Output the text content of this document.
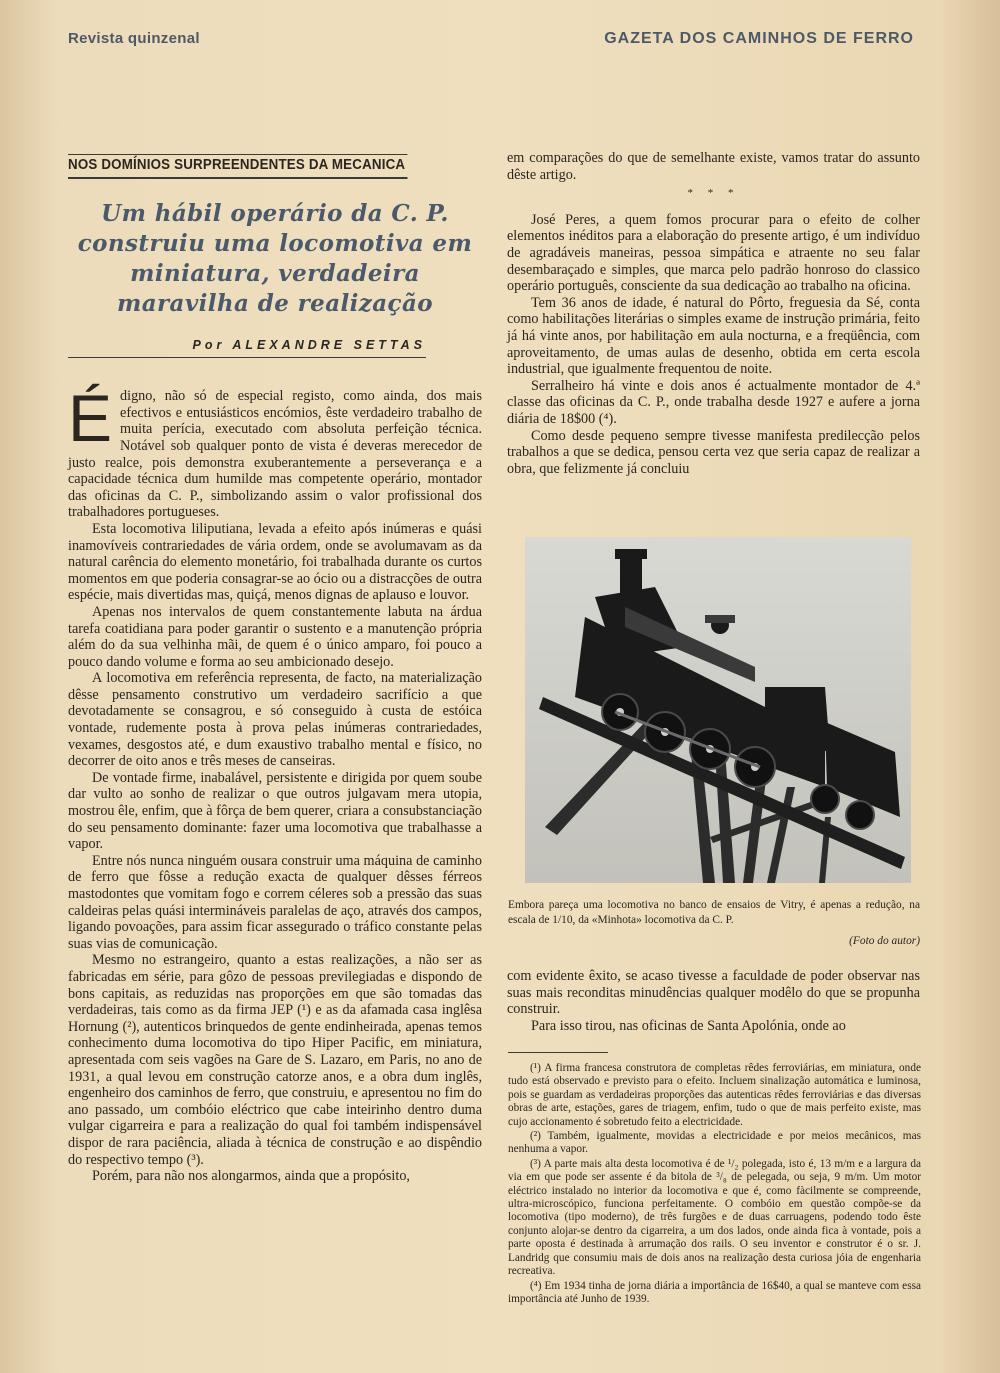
Revista quinzenal	GAZETA DOS CAMINHOS DE FERRO
NOS DOMÍNIOS SURPREENDENTES DA MECANICA
Um hábil operário da C. P. construiu uma locomotiva em miniatura, verdadeira maravilha de realização
Por ALEXANDRE SETTAS

É digno, não só de especial registo, como ainda, dos mais efectivos e entusiásticos encómios, êste verdadeiro trabalho de muita perícia, executado com absoluta perfeição técnica. Notável sob qualquer ponto de vista é deveras merecedor de justo realce, pois demonstra exuberantemente a perseverança e a capacidade técnica dum humilde mas competente operário, montador das oficinas da C. P., simbolizando assim o valor profissional dos trabalhadores portugueses.

Esta locomotiva liliputiana, levada a efeito após inúmeras e quási inamovíveis contrariedades de vária ordem, onde se avolumavam as da natural carência do elemento monetário, foi trabalhada durante os curtos momentos em que poderia consagrar-se ao ócio ou a distracções de outra espécie, mais divertidas mas, quiçá, menos dignas de aplauso e louvor.

Apenas nos intervalos de quem constantemente labuta na árdua tarefa coatidiana para poder garantir o sustento e a manutenção própria além do da sua velhinha mãi, de quem é o único amparo, foi pouco a pouco dando volume e forma ao seu ambicionado desejo.

A locomotiva em referência representa, de facto, na materialização dêsse pensamento construtivo um verdadeiro sacrifício a que devotadamente se consagrou, e só conseguido à custa de estóica vontade, rudemente posta à prova pelas inúmeras contrariedades, vexames, desgostos até, e dum exaustivo trabalho mental e físico, no decorrer de oito anos e três meses de canseiras.

De vontade firme, inabalável, persistente e dirigida por quem soube dar vulto ao sonho de realizar o que outros julgavam mera utopia, mostrou êle, enfim, que à fôrça de bem querer, criara a consubstanciação do seu pensamento dominante: fazer uma locomotiva que trabalhasse a vapor.

Entre nós nunca ninguém ousara construir uma máquina de caminho de ferro que fôsse a redução exacta de qualquer dêsses férreos mastodontes que vomitam fogo e correm céleres sob a pressão das suas caldeiras pelas quási intermináveis paralelas de aço, através dos campos, ligando povoações, para assim ficar assegurado o tráfico constante pelas suas vias de comunicação.

Mesmo no estrangeiro, quanto a estas realizações, a não ser as fabricadas em série, para gôzo de pessoas previlegiadas e dispondo de bons capitais, as reduzidas nas proporções em que são tomadas das verdadeiras, tais como as da firma JEP (¹) e as da afamada casa inglêsa Hornung (²), autenticos brinquedos de gente endinheirada, apenas temos conhecimento duma locomotiva do tipo Hiper Pacific, em miniatura, apresentada com seis vagões na Gare de S. Lazaro, em Paris, no ano de 1931, a qual levou em construção catorze anos, e a obra dum inglês, engenheiro dos caminhos de ferro, que construiu, e apresentou no fim do ano passado, um combóio eléctrico que cabe inteirinho dentro duma vulgar cigarreira e para a realização do qual foi também indispensável dispor de rara paciência, aliada à técnica de construção e ao dispêndio do respectivo tempo (³).

Porém, para não nos alongarmos, ainda que a propósito,

em comparações do que de semelhante existe, vamos tratar do assunto dêste artigo.

* * *

José Peres, a quem fomos procurar para o efeito de colher elementos inéditos para a elaboração do presente artigo, é um indivíduo de agradáveis maneiras, pessoa simpática e atraente no seu falar desembaraçado e simples, que marca pelo padrão honroso do classico operário português, consciente da sua dedicação ao trabalho na oficina.

Tem 36 anos de idade, é natural do Pôrto, freguesia da Sé, conta como habilitações literárias o simples exame de instrução primária, feito já há vinte anos, por habilitação em aula nocturna, e a freqüência, com aproveitamento, de umas aulas de desenho, obtida em certa escola industrial, que igualmente frequentou de noite.

Serralheiro há vinte e dois anos é actualmente montador de 4.ª classe das oficinas da C. P., onde trabalha desde 1927 e aufere a jorna diária de 18$00 (⁴).

Como desde pequeno sempre tivesse manifesta predilecção pelos trabalhos a que se dedica, pensou certa vez que seria capaz de realizar a obra, que felizmente já concluiu

Embora pareça uma locomotiva no banco de ensaios de Vitry, é apenas a redução, na escala de 1/10, da «Minhota» locomotiva da C. P.
(Foto do autor)

com evidente êxito, se acaso tivesse a faculdade de poder observar nas suas mais reconditas minudências qualquer modêlo do que se propunha construir.

Para isso tirou, nas oficinas de Santa Apolónia, onde ao

(¹) A firma francesa construtora de completas rêdes ferroviárias, em miniatura, onde tudo está observado e previsto para o efeito. Incluem sinalização automática e luminosa, pois se guardam as verdadeiras proporções das autenticas rêdes ferroviárias e das diversas obras de arte, estações, gares de triagem, enfim, tudo o que de mais perfeito existe, mas cujo accionamento é sobretudo feito a electricidade.

(²) Também, igualmente, movidas a electricidade e por meios mecânicos, mas nenhuma a vapor.

(³) A parte mais alta desta locomotiva é de ¹/₂ polegada, isto é, 13 m/m e a largura da via em que pode ser assente é da bitola de ³/₈ de pelegada, ou seja, 9 m/m. Um motor eléctrico instalado no interior da locomotiva e que é, como fàcilmente se compreende, ultra-microscópico, funciona perfeitamente. O combóio em questão compõe-se da locomotiva (tipo moderno), de três furgões e de duas carruagens, podendo todo êste conjunto alojar-se dentro da cigarreira, a um dos lados, onde ainda fica à vontade, pois a parte oposta é destinada à arrumação dos rails. O seu inventor e construtor é o sr. J. Landridg que consumiu mais de dois anos na realização desta curiosa jóia de engenharia recreativa.

(⁴) Em 1934 tinha de jorna diária a importância de 16$40, a qual se manteve com essa importância até Junho de 1939.
